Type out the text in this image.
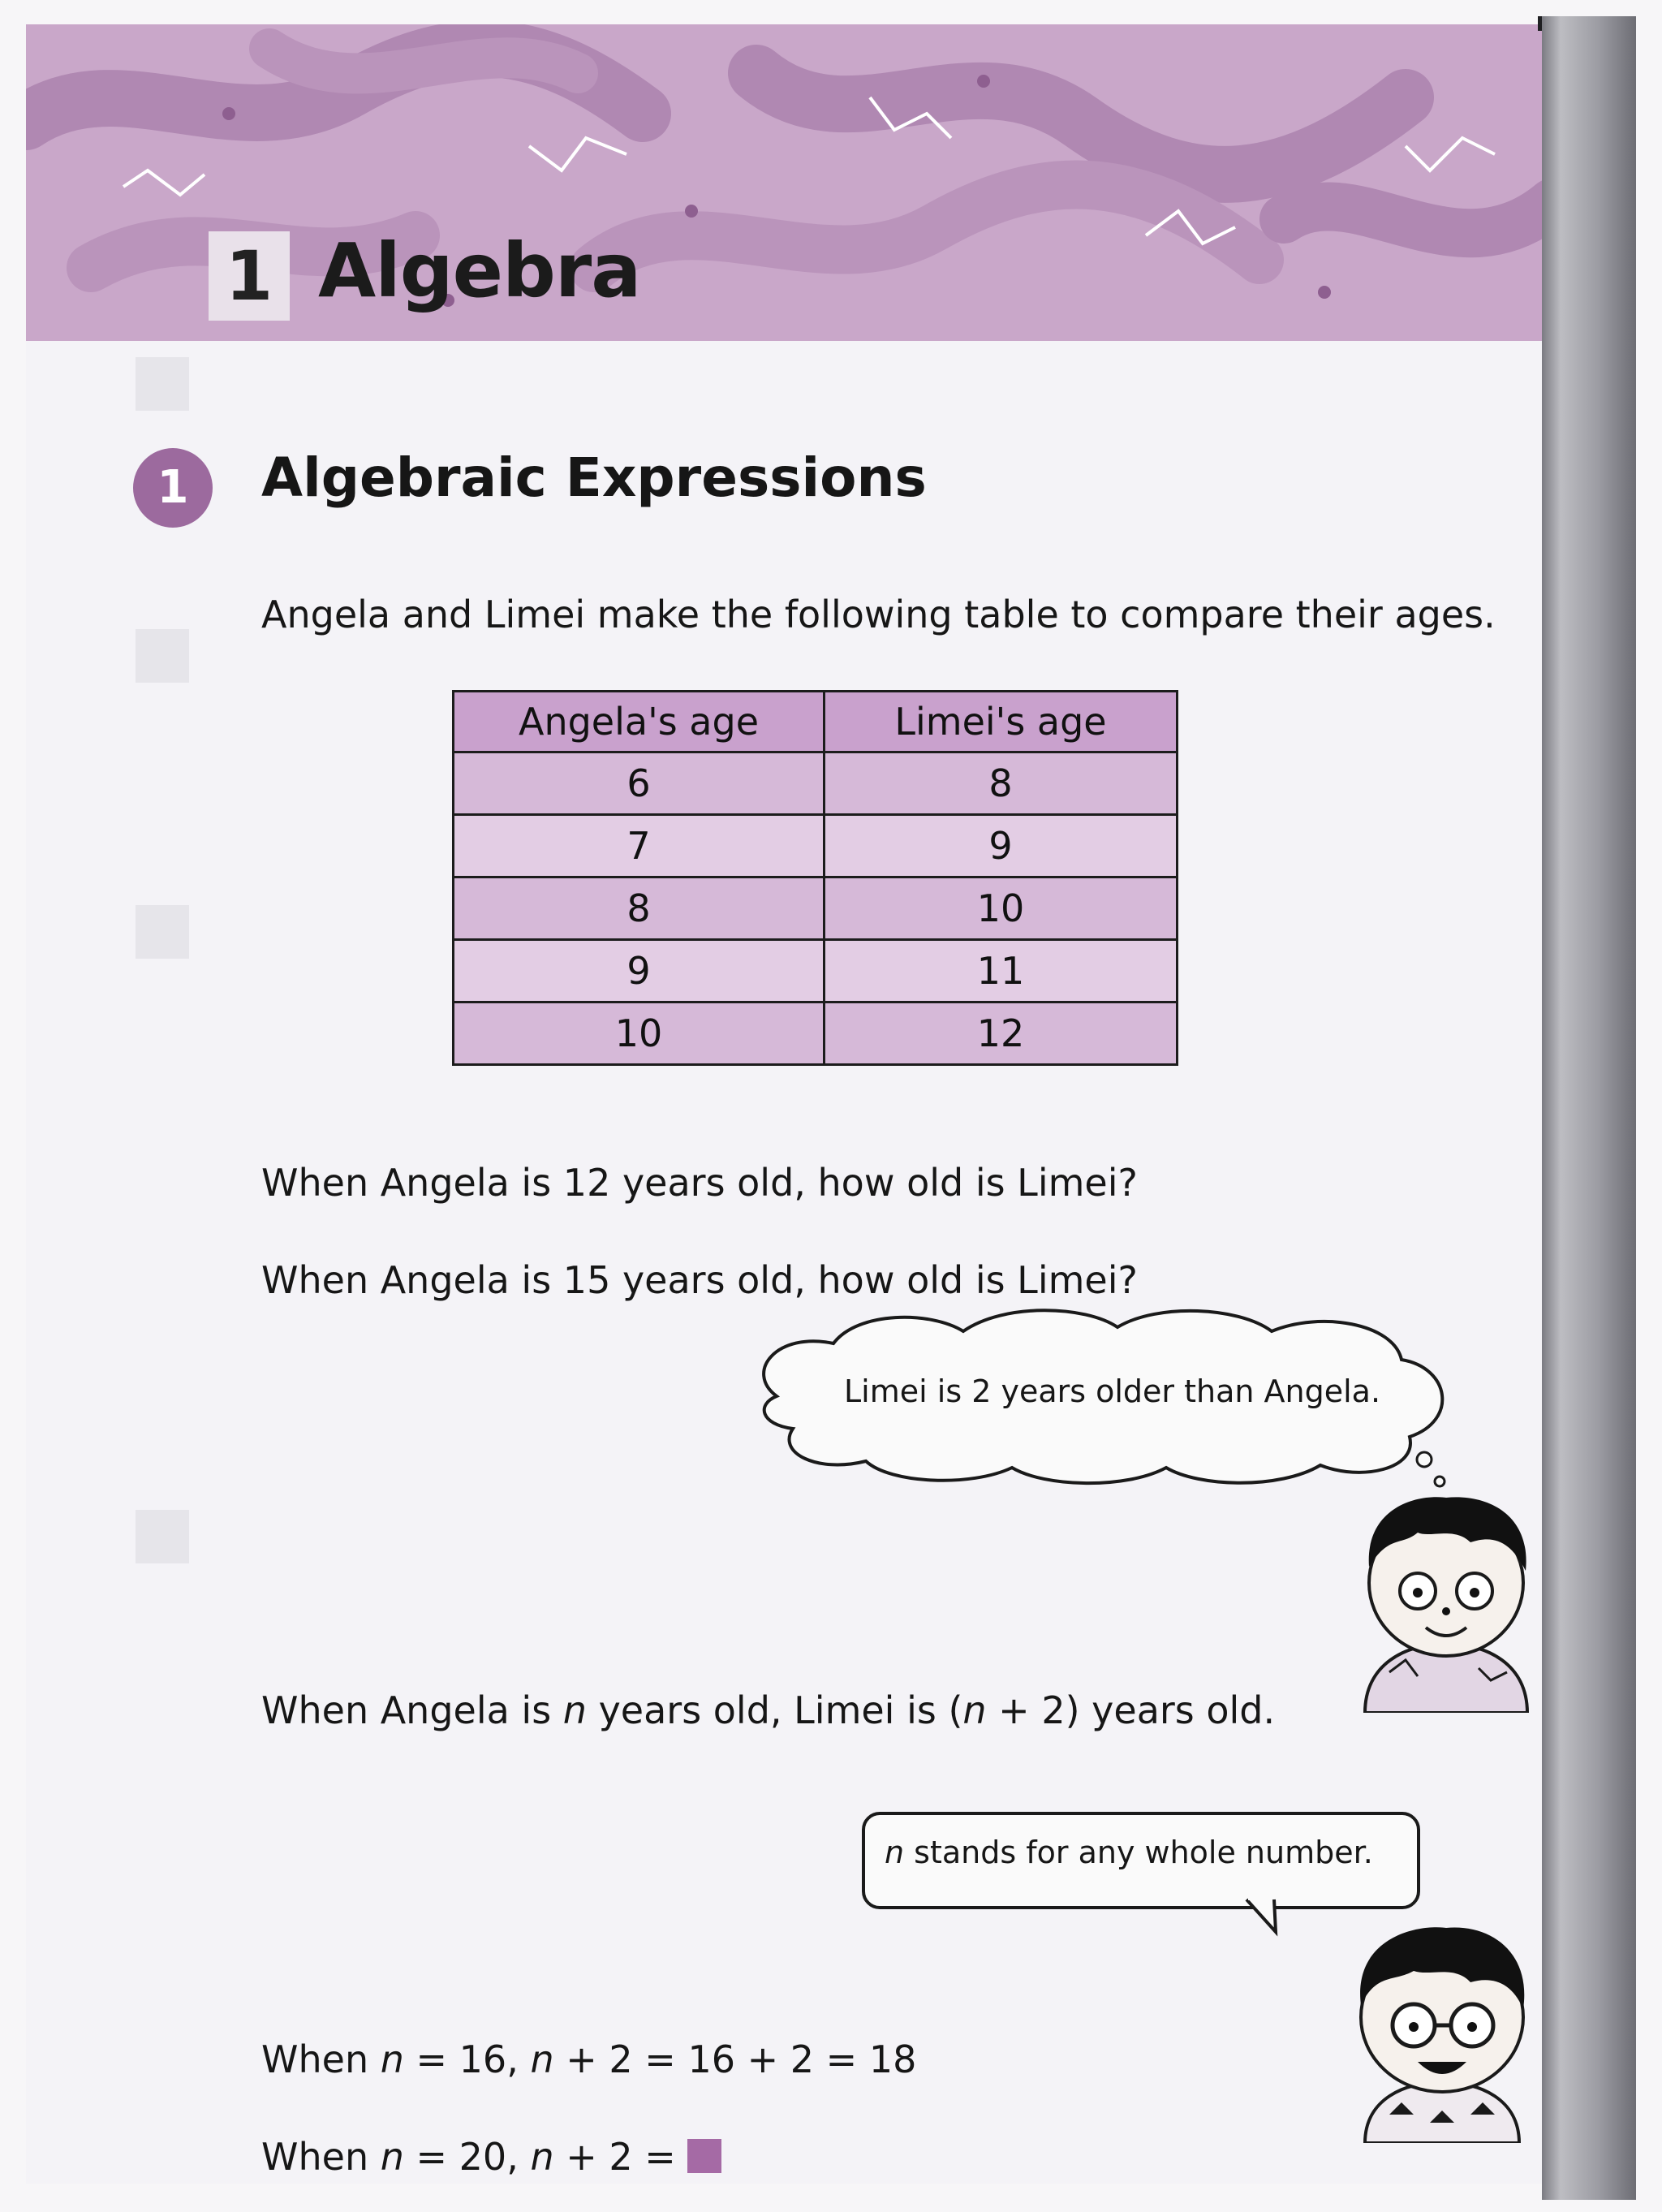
1 Algebra
1	Algebraic Expressions
Angela and Limei make the following table to compare their ages.
Angela's age	Limei's age
6	8
7	9
8	10
9	11
10	12
When Angela is 12 years old, how old is Limei?
When Angela is 15 years old, how old is Limei?
Limei is 2 years older than Angela.
When Angela is n years old, Limei is (n + 2) years old.
n stands for any whole number.
When n = 16, n + 2 = 16 + 2 = 18
When n = 20, n + 2 =
